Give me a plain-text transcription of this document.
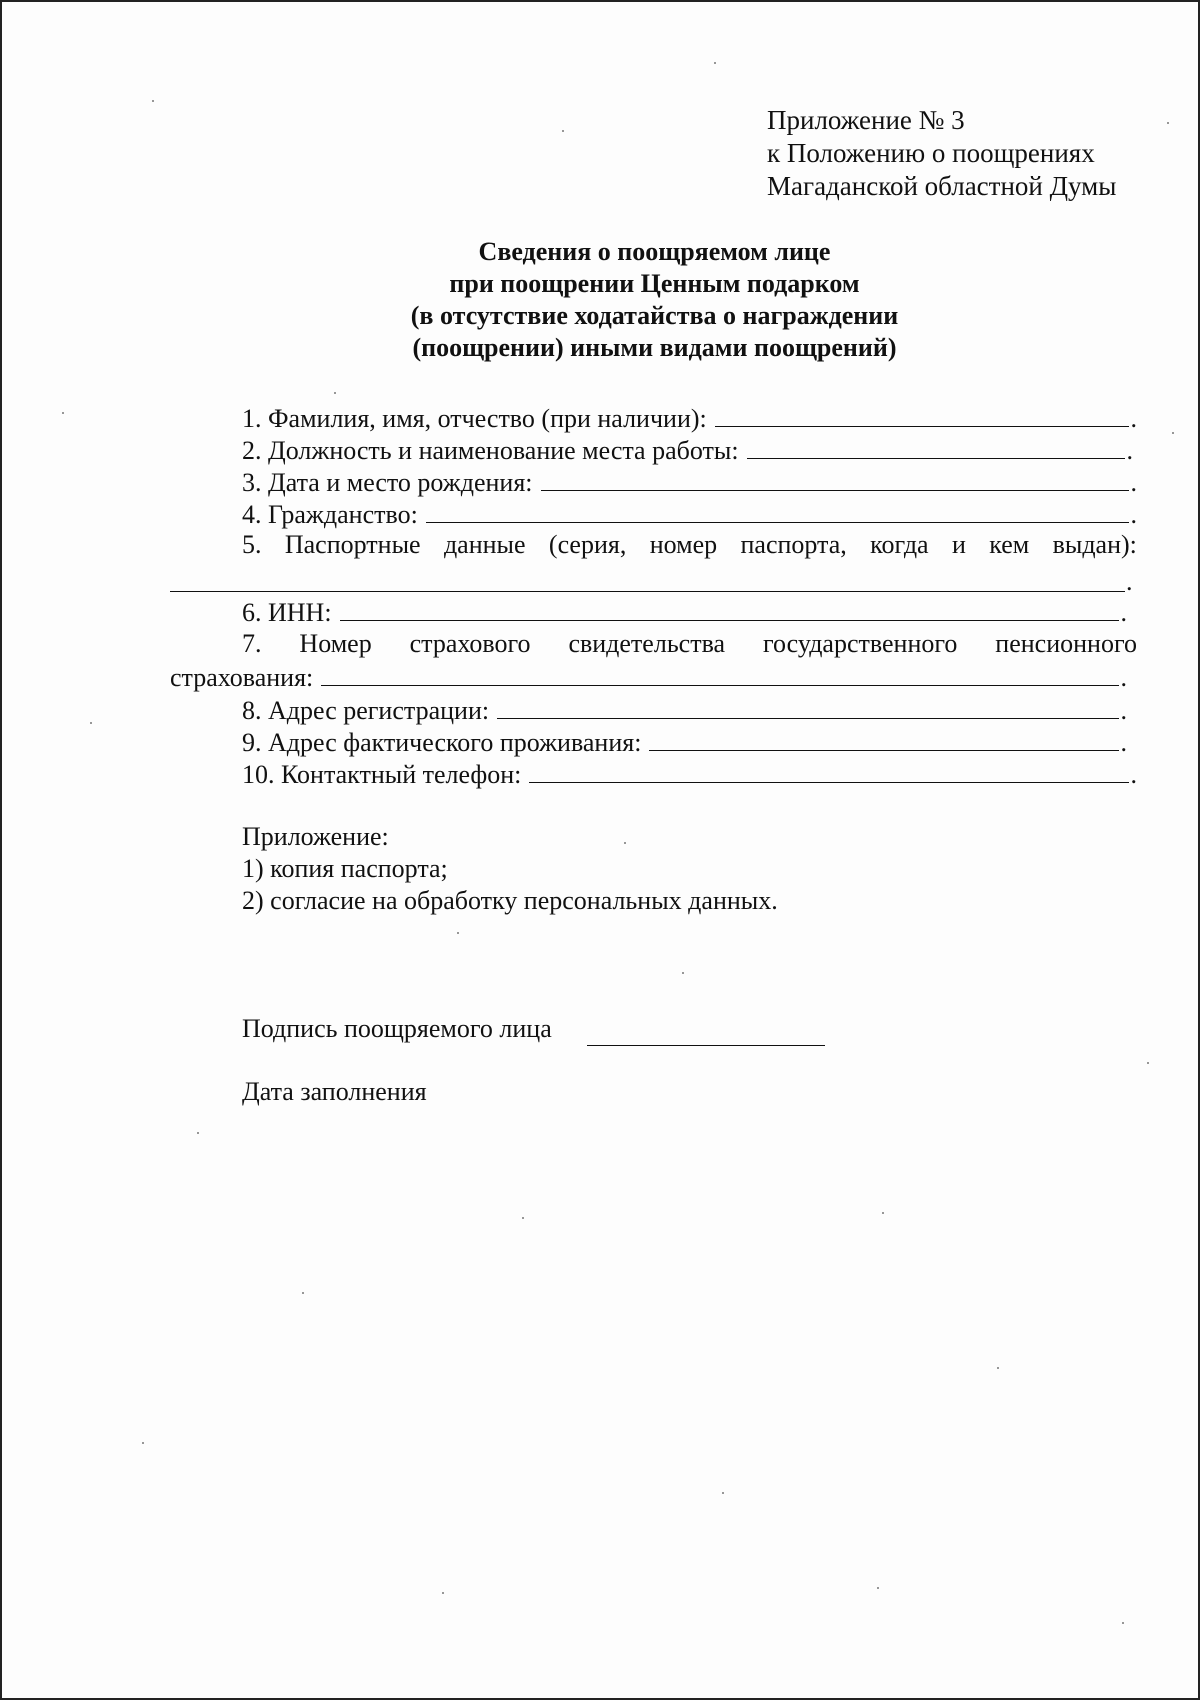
Приложение № 3
к Положению о поощрениях
Магаданской областной Думы
Сведения о поощряемом лице
при поощрении Ценным подарком
(в отсутствие ходатайства о награждении
(поощрении) иными видами поощрений)
1. Фамилия, имя, отчество (при наличии):	.
2. Должность и наименование места работы:	.
3. Дата и место рождения:	.
4. Гражданство:	.
5. Паспортные данные (серия, номер паспорта, когда и кем выдан):
.
6. ИНН:	.
7. Номер страхового свидетельства государственного пенсионного
страхования:	.
8. Адрес регистрации:	.
9. Адрес фактического проживания:	.
10. Контактный телефон:	.
Приложение:
1) копия паспорта;
2) согласие на обработку персональных данных.
Подпись поощряемого лица
Дата заполнения
